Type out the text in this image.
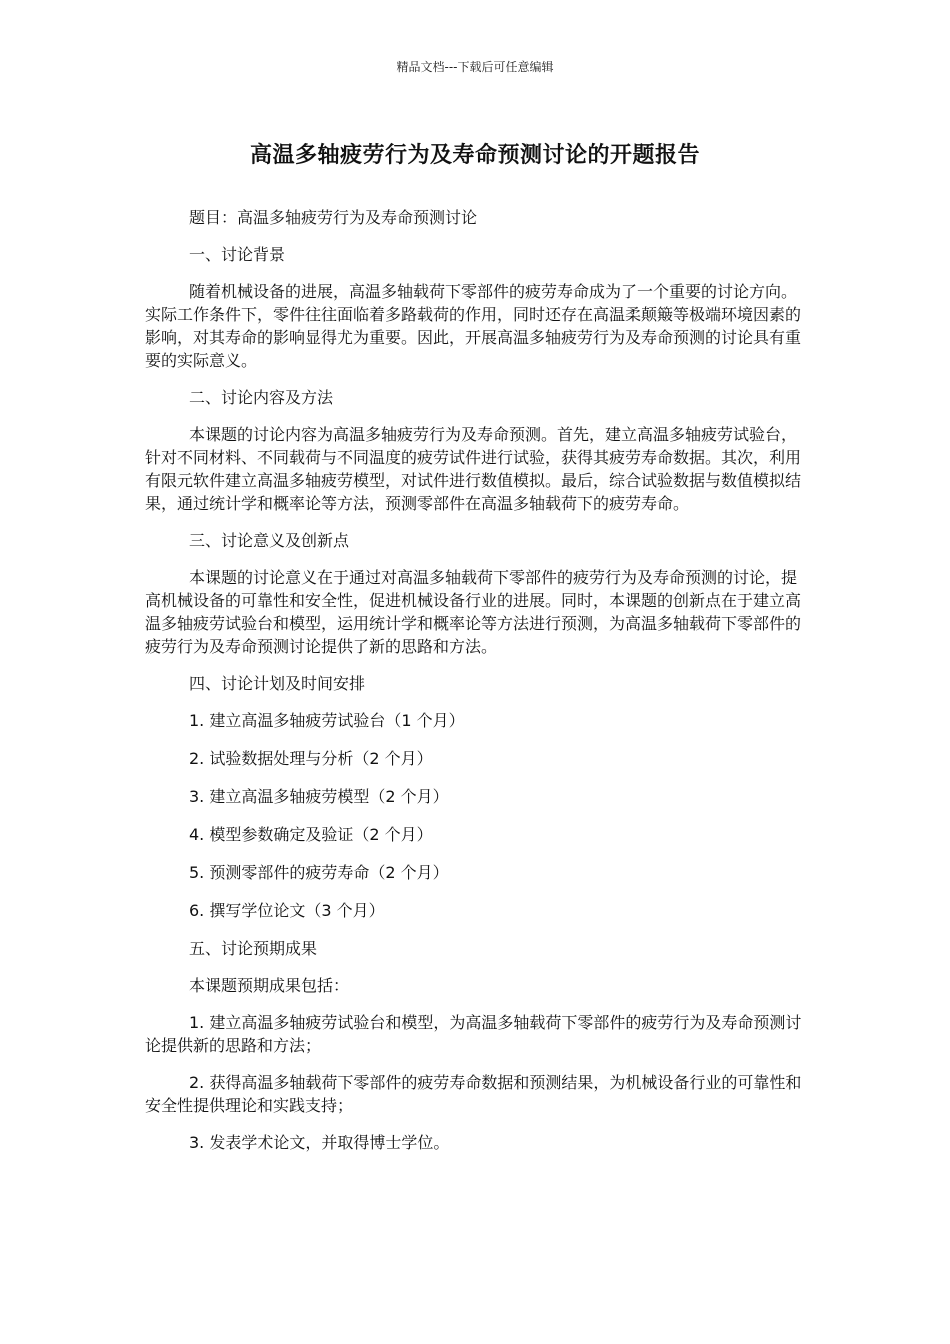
精品文档---下载后可任意编辑
高温多轴疲劳行为及寿命预测讨论的开题报告

题目：高温多轴疲劳行为及寿命预测讨论

一、讨论背景

随着机械设备的进展，高温多轴载荷下零部件的疲劳寿命成为了一个重要的讨论方向。实际工作条件下，零件往往面临着多路载荷的作用，同时还存在高温柔颠簸等极端环境因素的影响，对其寿命的影响显得尤为重要。因此，开展高温多轴疲劳行为及寿命预测的讨论具有重要的实际意义。

二、讨论内容及方法

本课题的讨论内容为高温多轴疲劳行为及寿命预测。首先，建立高温多轴疲劳试验台，针对不同材料、不同载荷与不同温度的疲劳试件进行试验，获得其疲劳寿命数据。其次，利用有限元软件建立高温多轴疲劳模型，对试件进行数值模拟。最后，综合试验数据与数值模拟结果，通过统计学和概率论等方法，预测零部件在高温多轴载荷下的疲劳寿命。

三、讨论意义及创新点

本课题的讨论意义在于通过对高温多轴载荷下零部件的疲劳行为及寿命预测的讨论，提高机械设备的可靠性和安全性，促进机械设备行业的进展。同时，本课题的创新点在于建立高温多轴疲劳试验台和模型，运用统计学和概率论等方法进行预测，为高温多轴载荷下零部件的疲劳行为及寿命预测讨论提供了新的思路和方法。

四、讨论计划及时间安排

1. 建立高温多轴疲劳试验台（1 个月）

2. 试验数据处理与分析（2 个月）

3. 建立高温多轴疲劳模型（2 个月）

4. 模型参数确定及验证（2 个月）

5. 预测零部件的疲劳寿命（2 个月）

6. 撰写学位论文（3 个月）

五、讨论预期成果

本课题预期成果包括：

1. 建立高温多轴疲劳试验台和模型，为高温多轴载荷下零部件的疲劳行为及寿命预测讨论提供新的思路和方法；

2. 获得高温多轴载荷下零部件的疲劳寿命数据和预测结果，为机械设备行业的可靠性和安全性提供理论和实践支持；

3. 发表学术论文，并取得博士学位。
